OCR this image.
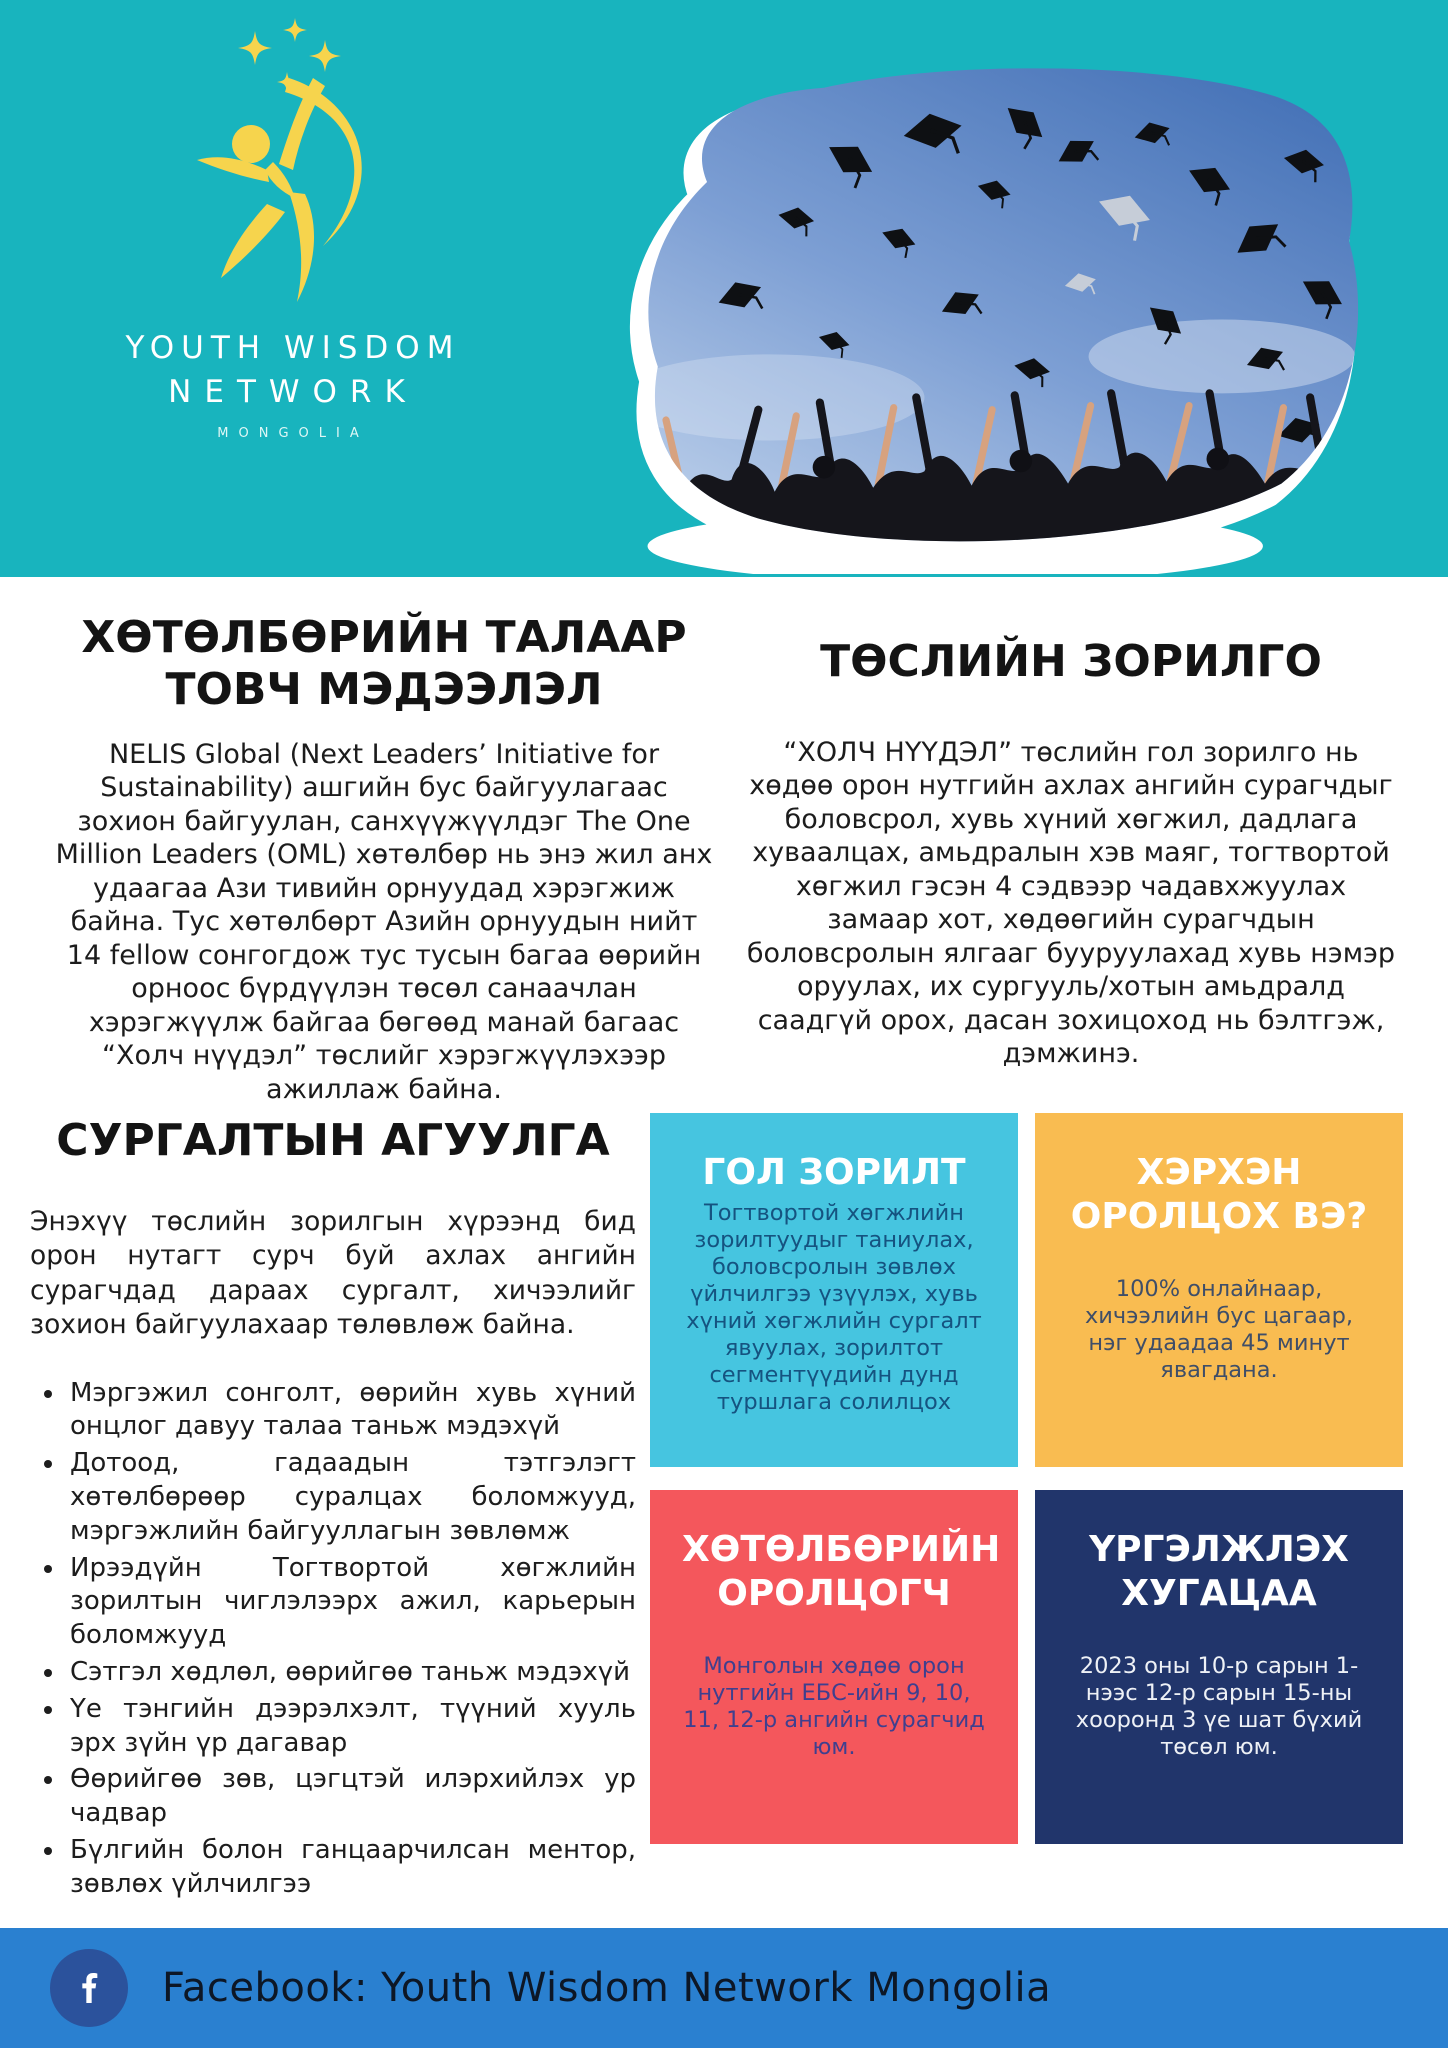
YOUTH WISDOM
NETWORK
MONGOLIA
ХӨТӨЛБӨРИЙН ТАЛААР ТОВЧ МЭДЭЭЛЭЛ

NELIS Global (Next Leaders’ Initiative for Sustainability) ашгийн бус байгуулагаас зохион байгуулан, санхүүжүүлдэг The One Million Leaders (OML) хөтөлбөр нь энэ жил анх удаагаа Ази тивийн орнуудад хэрэгжиж байна. Тус хөтөлбөрт Азийн орнуудын нийт 14 fellow сонгогдож тус тусын багаа өөрийн орноос бүрдүүлэн төсөл санаачлан хэрэгжүүлж байгаа бөгөөд манай багаас “Холч нүүдэл” төслийг хэрэгжүүлэхээр ажиллаж байна.

ТӨСЛИЙН ЗОРИЛГО

“ХОЛЧ НҮҮДЭЛ” төслийн гол зорилго нь хөдөө орон нутгийн ахлах ангийн сурагчдыг боловсрол, хувь хүний хөгжил, дадлага хуваалцах, амьдралын хэв маяг, тогтвортой хөгжил гэсэн 4 сэдвээр чадавхжуулах замаар хот, хөдөөгийн сурагчдын боловсролын ялгааг бууруулахад хувь нэмэр оруулах, их сургууль/хотын амьдралд саадгүй орох, дасан зохицоход нь бэлтгэж, дэмжинэ.

СУРГАЛТЫН АГУУЛГА

Энэхүү төслийн зорилгын хүрээнд бид орон нутагт сурч буй ахлах ангийн сурагчдад дараах сургалт, хичээлийг зохион байгуулахаар төлөвлөж байна.

• Мэргэжил сонголт, өөрийн хувь хүний онцлог давуу талаа таньж мэдэхүй
• Дотоод, гадаадын тэтгэлэгт хөтөлбөрөөр суралцах боломжууд, мэргэжлийн байгууллагын зөвлөмж
• Ирээдүйн Тогтвортой хөгжлийн зорилтын чиглэлээрх ажил, карьерын боломжууд
• Сэтгэл хөдлөл, өөрийгөө таньж мэдэхүй
• Үе тэнгийн дээрэлхэлт, түүний хууль эрх зүйн үр дагавар
• Өөрийгөө зөв, цэгцтэй илэрхийлэх ур чадвар
• Бүлгийн болон ганцаарчилсан ментор, зөвлөх үйлчилгээ
ГОЛ ЗОРИЛТ

Тогтвортой хөгжлийн зорилтуудыг таниулах, боловсролын зөвлөх үйлчилгээ үзүүлэх, хувь хүний хөгжлийн сургалт явуулах, зорилтот сегментүүдийн дунд туршлага солилцох

ХЭРХЭН ОРОЛЦОХ ВЭ?

100% онлайнаар, хичээлийн бус цагаар, нэг удаадаа 45 минут явагдана.

ХӨТӨЛБӨРИЙН ОРОЛЦОГЧ

Монголын хөдөө орон нутгийн ЕБС-ийн 9, 10, 11, 12-р ангийн сурагчид юм.

ҮРГЭЛЖЛЭХ ХУГАЦАА

2023 оны 10-р сарын 1-нээс 12-р сарын 15-ны хооронд 3 үе шат бүхий төсөл юм.

Facebook: Youth Wisdom Network Mongolia
